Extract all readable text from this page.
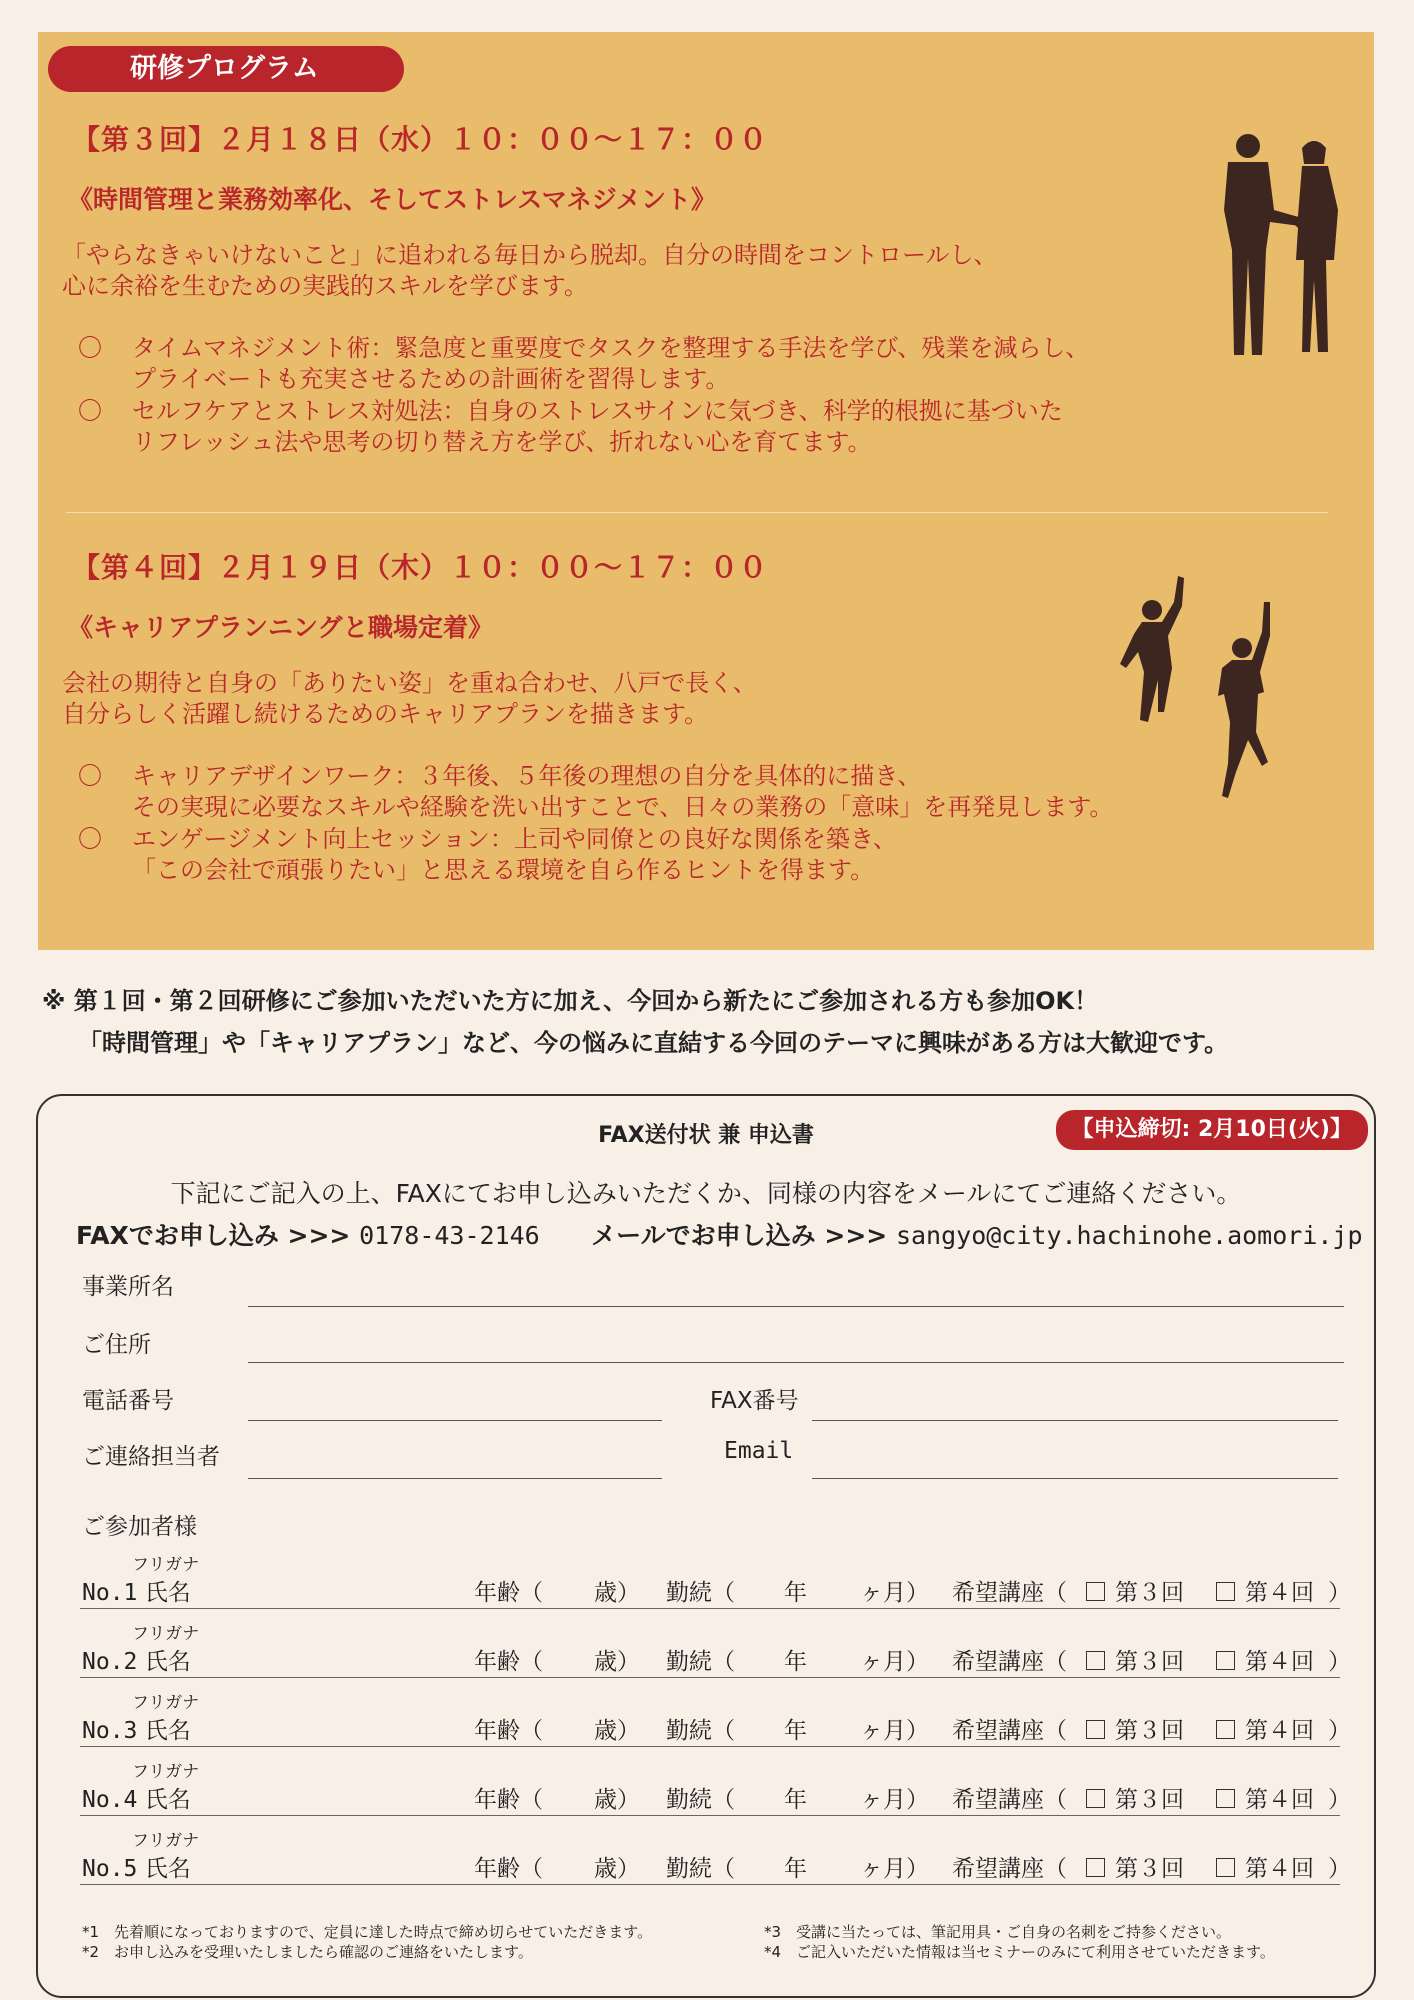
研修プログラム
【第３回】２月１８日（水）１０：００～１７：００
《時間管理と業務効率化、そしてストレスマネジメント》
「やらなきゃいけないこと」に追われる毎日から脱却。自分の時間をコントロールし、
心に余裕を生むための実践的スキルを学びます。
〇	タイムマネジメント術：緊急度と重要度でタスクを整理する手法を学び、残業を減らし、
プライベートも充実させるための計画術を習得します。
〇	セルフケアとストレス対処法：自身のストレスサインに気づき、科学的根拠に基づいた
リフレッシュ法や思考の切り替え方を学び、折れない心を育てます。
【第４回】２月１９日（木）１０：００～１７：００
《キャリアプランニングと職場定着》
会社の期待と自身の「ありたい姿」を重ね合わせ、八戸で長く、
自分らしく活躍し続けるためのキャリアプランを描きます。
〇	キャリアデザインワーク：３年後、５年後の理想の自分を具体的に描き、
その実現に必要なスキルや経験を洗い出すことで、日々の業務の「意味」を再発見します。
〇	エンゲージメント向上セッション：上司や同僚との良好な関係を築き、
「この会社で頑張りたい」と思える環境を自ら作るヒントを得ます。
※ 第１回・第２回研修にご参加いただいた方に加え、今回から新たにご参加される方も参加OK！
「時間管理」や「キャリアプラン」など、今の悩みに直結する今回のテーマに興味がある方は大歓迎です。
FAX送付状 兼 申込書	【申込締切: 2月10日(火)】
下記にご記入の上、FAXにてお申し込みいただくか、同様の内容をメールにてご連絡ください。
FAXでお申し込み >>> 0178-43-2146 メールでお申し込み >>> sangyo@city.hachinohe.aomori.jp
事業所名
ご住所
電話番号	FAX番号
ご連絡担当者	Email
ご参加者様
フリガナ
No.1 氏名	年齢（ 歳） 勤続（ 年 ヶ月） 希望講座（	第３回	第４回 ）
フリガナ
No.2 氏名	年齢（ 歳） 勤続（ 年 ヶ月） 希望講座（	第３回	第４回 ）
フリガナ
No.3 氏名	年齢（ 歳） 勤続（ 年 ヶ月） 希望講座（	第３回	第４回 ）
フリガナ
No.4 氏名	年齢（ 歳） 勤続（ 年 ヶ月） 希望講座（	第３回	第４回 ）
フリガナ
No.5 氏名	年齢（ 歳） 勤続（ 年 ヶ月） 希望講座（	第３回	第４回 ）
*1　先着順になっておりますので、定員に達した時点で締め切らせていただきます。
*2　お申し込みを受理いたしましたら確認のご連絡をいたします。
*3　受講に当たっては、筆記用具・ご自身の名刺をご持参ください。
*4　ご記入いただいた情報は当セミナーのみにて利用させていただきます。
